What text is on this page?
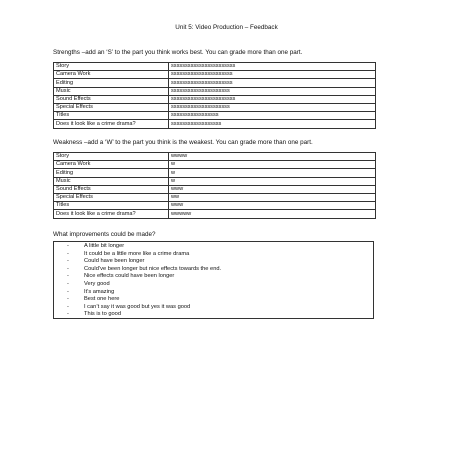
Unit 5: Video Production – Feedback
Strengths –add an ‘S’ to the part you think works best. You can grade more than one part.
Story	sssssssssssssssssssssss
Camera Work	ssssssssssssssssssssss
Editing	ssssssssssssssssssssss
Music	sssssssssssssssssssss
Sound Effects	sssssssssssssssssssssss
Special Effects	sssssssssssssssssssss
Titles	sssssssssssssssss
Does it look like a crime drama?	ssssssssssssssssss
Weakness –add a ‘W’ to the part you think is the weakest. You can grade more than one part.
Story	wwww
Camera Work	w
Editing	w
Music	w
Sound Effects	www
Special Effects	ww
Titles	www
Does it look like a crime drama?	wwwww
What improvements could be made?
-	A little bit longer
-	It could be a little more like a crime drama
-	Could have been longer
-	Could’ve been longer but nice effects towards the end.
-	Nice effects could have been longer
-	Very good
-	It’s amazing
-	Best one here
-	I can’t say it was good but yes it was good
-	This is to good
